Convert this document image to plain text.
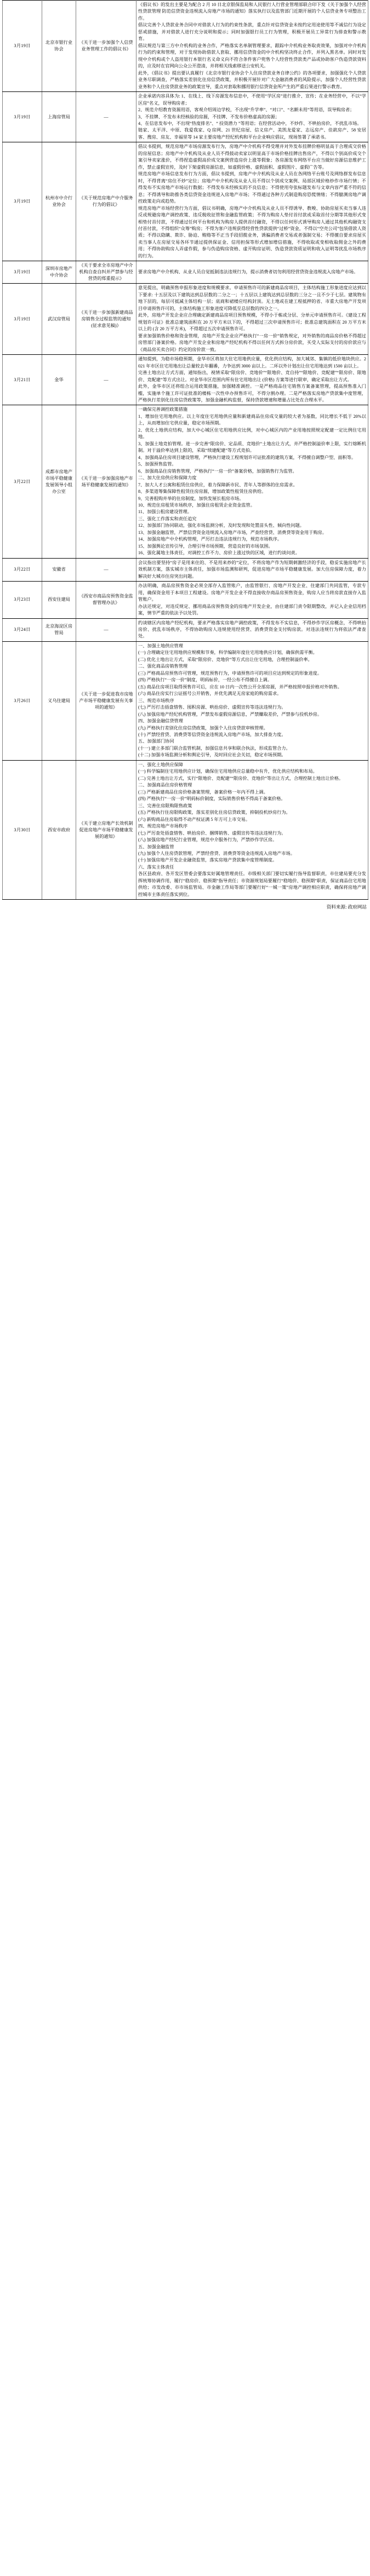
3月19日	北京市银行业协会	《关于进一步加强个人信贷业务管理工作的倡议书》	《倡议书》的发出主要是为配合 2 月 10 日北京银保监局和人民银行人行营业管理部联合印下发《关于加强个人经营性贷款管理 防范信贷资金违规流入房地产市场的通知》落实执行以及监管部门近期开展的个人信贷业务专项整治工作。

倡议完善个人贷款业务合同中对借款人行为的约束性条款，重点针对信贷资金未按约定用途使用等不诚信行为设定惩戒措施，并对借款人进行充分说明和提示；同时加强银行员工行为管理，积极开展员工异常行为排查和警示教育。

倡议规范与第三方中介机构的业务合作，严格落实名单制管理要求，跟踪中介机构业务取责效果，加强对中介机构行为的约束和管理，对于发现协助借款人套取、挪用信贷资金的中介机构坚决终止合作，并列入黑名单。同时对发现中介机构或个人盗用银行本银行名义命义向不符合条件客户兜售个人经营性贷款类产品或协助客户伪造贷款资料的，应及时在官网向公众公开澄清，并将相关线索移送公安机关。

此外，《倡议书》提出要认真履行《北京市银行业协会个人住房贷款业务自律公约》的各项要求，加强强化个人贷款业务尽职调查，严格落实差别化住房信贷政策，并积极开展针对广大金融消费者的风险提示，加强个人经营性贷款业务和个人住房贷款业务的政策宣导，重点对套取和挪用银行信贷资金所产生的严重后果进行警示教育。

3月19日	上海房管局	—	企业承诺内容具体为: 1、在线上、线下房源发布信息中，不使用“学区房”进行推介、宣传；在业务经营中，不以“学区房”名义，误导购房者；

2、规范介绍教育资源用语，客观介绍周边学校，不出现“升学率”、“对口”、“名额未用”等用语，误导购房者；

3、不挂牌、不发布未经核验的房源，不挂牌、不发布价格虚高的房源；

4、在信息发布中，不出现“热度排名”、“ 投资潜力 ”等用语；在经营活动中，不炒作、不哄抬房价，不扰乱市场。

链家、太平洋、中原、我爱我家、Q 房网、21 世纪房屋、信义房产、美凯龙爱家、志远房产、佳歆房产、58 安居客、搜房、房友、幸福里等 14 家主要房地产经纪机构和平台企业响应倡议，现场签署了承诺书。

3月19日	杭州市中介行业协会	《关于规范房地产中介服务行为的倡议》	倡议书提到，规范房地产市场房源发布行为，房地产中介机构不得受理并对外发布挂牌价格明显高于合理成交价格的房屋信息；房地产中介机构及从业人员不得鼓动卖家以明显高于市场价格挂牌出售房产，不得以个别高价成交个案引导卖家涨价，不得捏造虚假高价成交案例营造房价上涨等假象；各房源发布网络平台应当做好房源信息维护工作，禁止虚假宣传，及时下架虚假房源信息，如虚假价格、虚假面积、虚假图片、虚假广告等。

规范房地产市场信息发布行为方面，倡议书提到，房地产中介机构及从业人员在各网络平台账号及网络群发布信息时，不得背离“房住不炒”定位；房地产中介机构及从业人员不得以个别成交案例、局部区域价格炒作市场行情；不得发布不实房地产市场运行数据；不得发布未经核实的不良信息；不得使用夸张标题发布与文章内容严重不符的信息；不得诱导和助推各类信贷资金违规进入房地产市场；不得通过各种方式制造购房恐慌情绪；不得臆测房地产调控政策走向或趋势。

规范房地产市场经营行为方面，倡议书明确，房地产中介机构及从业人员不得诱导、教唆、协助房屋买卖当事人违反或规避房地产调控政策、违反税收征管和金融监管政策；不得为购房人垫付首付款或采取首付分期等其他形式变相垫付首付款，不得通过任何平台和机构为购房人提供首付融资，不得以任何形式诱导购房人通过其他机构融资支付首付款，不得组织“众筹”购房；不得为客户违规获得经营性贷款提供“过桥”资金，不得以“空壳公司”包装借款人资质；不得以隐瞒、欺诈、胁迫、贿赂等不正当手段招揽业务，诱骗消费者交易或者强制交易；不得擅自要求房屋买卖当事人在房屋交易各环节通过提供保证金、信用担保等形式增加增信措施，不得收取或变相收取佣金之外的费用；不得协助购房人弄虚作假，参与伪造购房资格、虚开购房证明、伪造贷款资质证明和收入证明等扰乱市场秩序的行为。

3月19日	深圳市房地产中介协会	《关于要求全市房地产中介机构自查自纠并严禁参与经营贷的郑重提示》	要求房地产中介机构、从业人员自觉抵制违法违规行为，提示消费者切勿利用经营贷资金违规流入房地产市场。

3月19日	武汉房管局	《关于进一步加强新建商品房销售全过程监管的通知 (征求意见稿)》	意见提出，明确预售申报形象进度和规模要求。申请预售许可的新建商品房项目，主体结构施工形象进度应达到以下要求: 十五层及以下建筑达到总层数的二分之一；十五层以上建筑达到总层数的三分之一且不少于七层。建筑物有地下层的，每层可抵减主体结构一层；底商和裙楼应结构封顶。无土地或在建工程抵押的省、市重大房地产开发项目申请预售许可的，主体结构施工形象进度可降低至总层数的四分之一。

此外，房地产开发企业应合理确定新建商品房项目预售规模，不得小于栋或分层、分单元申请预售许可。《建设工程规划许可证》批准总建筑面积在 20 万平方米以下的，不得超过三次申请预售许可；批准总建筑面积在 20 万平方米以上的 (含 20 万平方米)，不得超过五次申请预售许可。

要求加强销售价格和资金管理，房地产开发企业应严格执行“一房一价”销售规定，对外销售的商品房价格不得超过房管部门备案价格。房地产开发企业和房地产经纪机构不得以任何方式拆分房价款，买受人实际支付的房价款应与《商品房买卖合同》约定的房价款一致。

3月21日	金华	—	通知提到，为稳市场稳预期，金华市区将加大住宅用地供应量，优化供应结构，加大城郊、集镇的低价地块供应。2021 年市区住宅用地出让总量较去年翻番，力争达到 3000 亩以上。二环以外计划出让住宅用地达到 1500 亩以上。

完善土地出让方式方面，通知指出，视情采取“限房价、竞地价”“限地价、竞自持”“限地价、竞配建”“限房价、限地价、竞配建”等方式出让。对金华市区范围内所有住宅用地出让 (价格) 方案等进行联审，确定采取出让方式。

此外，金华市区还将组合运用政策措施，加强精准调控。一是严格商品住宅销售方案备案管理，提高预售准入门槛，实施单个施工许可证批准的楼栋一次性申办预售许可，不得分割办理。二是严格落实房地产贷款集中度管理，严格执行差别化住房信贷政策等，加强金融机构监督，保持贷款增速和增量占比处在合理水平。

3月22日	成都市房地产市场平稳健康发展领导小组办公室	《关于进一步加强房地产市场平稳健康发展的通知》	

一确保完善调控政策措施

1、增加住宅用地供应。以上年度住宅用地供应量和新建商品住房成交量的较大者为基数，同比增长不低于 20%以上，从而增加住宅供应量，稳定市场预期。

2、优化土地供应结构，加大中心城区住宅用地供应比例，对中心城区内的产业用地按照规定配建一定比例住宅用地。

3、加强土地竞拍管理。进一步完善“限房价、定品质、竞地价”土地出让方式，并严格控制溢价率上限，实行熔断机制。对于溢价率达到上限的，采取“续建配建”等方式竞拍。

4、加强商品住房项目建设管理，严格执行建设工程规划许可证批准的建筑方案，不得擅自调整户型、面积等。

5、加强预售监管。

6、加强商品住房销售管理，严格执行“一房一价”备案价格，加强销售行为监管。

二、加大住房供应和保障力度

7、加大人才公寓和租赁住房供应，着力保障新市民、青年人等群体的住房需求。

8、多渠道筹集保障性租赁住房房源，增加政策性租赁住房供给。

9、完善租购并举的住房制度，加快发展长租房市场。

10、规范住房租赁市场秩序，加强住房租赁企业资金监管。

11、加强公租房建设管理。

三、强化工作落实和责任追究

12、加强部门协同联动，强化市场监测分析，及时发现和处置苗头性、倾向性问题。

13、加强金融监管，严禁信贷资金违规流入房地产市场，严查经营贷、消费贷等资金用于购房。

14、加强房地产中介机构管理，严厉打击违法违规行为，规范市场秩序。

15、加强舆论宣传引导，合理引导市场预期，营造良好的市场氛围。

16、强化属地主体责任，对调控工作不力、房价上涨过快的区域，进行约谈问责。

3月22日	安徽省	—	会议指出要坚持“房子是用来住的、不是用来炒的”定位，不将房地产作为短期刺激经济的手段，稳妥实施房地产长效机制方案，落实城市主体责任，加强市场监测和研判，促进房地产市场平稳健康发展。加大住房保障力度，着力解决好大城市住房突出问题。

3月23日	西安住建局	《西安市商品房预售资金监督管理办法》	办法明确，商品房预售资金必须全部存入监管账户，由监管银行、房地产开发企业、住建部门共同监管，专款专用，确保资金用于本项目工程建设。房地产开发企业不得直接收存商品房预售资金，购房人应当将房款直接存入监管账户。

办法还规定，对违反规定、挪用商品房预售资金的房地产开发企业，由住建部门责令限期整改，并记入企业信用档案，情节严重的依法予以处罚。

3月24日	北京海淀区房管局	—	约谈辖区内房地产经纪机构，要求严格落实房地产调控政策，不得发布不实信息，不得炒作学区房概念，不得哄抬房价、扰乱市场秩序，不得协助购房人违规使用经营贷、消费贷资金支付购房款。对违法违规行为将依法严肃查处。

3月26日	义乌住建局	《关于进一步促进我市房地产市场平稳健康发展有关事项的通知》	

一、加强土地供应管理

(一) 合理确定住宅用地供应规模和节奏，科学编制年度住宅用地供应计划，确保供需平衡。

(二) 优化土地出让方式，采取“限房价、竞地价”等方式出让住宅用地，合理控制溢价率。

二、强化商品房销售管理

(三) 严格商品房预售许可管理，规范预售行为，申请预售许可的项目应达到规定的形象进度。

(四) 严格执行“一房一价”制度，明码标价，一经公布不得擅自上调。

(五) 商品住房项目取得预售许可后，应在 10 日内一次性公开全部房源，并严格按照申报价格对外销售。

(六) 商品住房实行公证摇号公开销售，并优先满足无房家庭的购房需求。

三、规范市场秩序

(七) 严厉打击捂盘惜售、囤积房源、哄抬房价、虚假宣传等违法违规行为。

(八) 加强房地产经纪机构管理，严禁发布虚假房源信息，严禁赚取差价，严禁参与投机炒房。

四、加强金融信贷管理

(九) 严格执行差别化住房信贷政策，加强个人住房贷款审核管理。

(十) 严禁经营贷、消费贷等信贷资金违规流入房地产市场，加大排查力度。

五、加强部门协同

(十一) 建立多部门联合监管机制，加强信息共享和联合执法，形成监管合力。

(十二) 加强市场监测分析和舆论引导，及时回应社会关切，稳定市场预期。

3月30日	西安市政府	《关于建立房地产长效机制促进房地产市场平稳健康发展的通知》	

一、强化土地供应保障

(一) 科学编制住宅用地供应计划，确保住宅用地供应总量稳中有升，优化供应结构和布局。

(二) 完善土地出让方式，实行“限地价、竞配建”“限房价、竞地价”等出让方式，合理控制土地出让价格。

二、加强商品住房价格管理

(三) 严格新建商品住房价格备案管理，备案价格一年内不得上调。

(四) 严格执行“一房一价”明码标价制度，实际销售价格不得高于备案价格。

三、完善住房限购限售政策

(五) 严格执行住房限购政策，落实差别化住房信贷政策，抑制投机炒房行为。

(六) 新购商品住房取得不动产权证满 5 年方可上市交易。

四、规范房地产市场秩序

(七) 严厉查处捂盘惜售、哄抬房价、捆绑销售、虚假宣传等违法违规行为。

(八) 加强房地产经纪行业管理，规范中介服务行为，严禁炒作学区房。

五、加强金融监管

(九) 加强个人住房贷款管理，严禁经营贷、消费贷等资金违规流入房地产市场。

(十) 加强房地产开发企业融资监管，落实房地产贷款集中度管理制度。

六、落实主体责任

各区县政府、各开发区管委会要落实好属地管理责任。市级相关部门要切实履行指导监督职责，市住建局要充分发挥统筹协调作用，履行“稳房价、稳预期”指导责任；市资源规划局要履行“稳地价、稳预期”职责，保证商品住宅用地供给；市发改委、市市场监管局、市金融工作局等部门要履行好“一城一策”房地产调控相应职责，确保将房地产调控城市主体责任落实到位。

资料来源: 政府网站
